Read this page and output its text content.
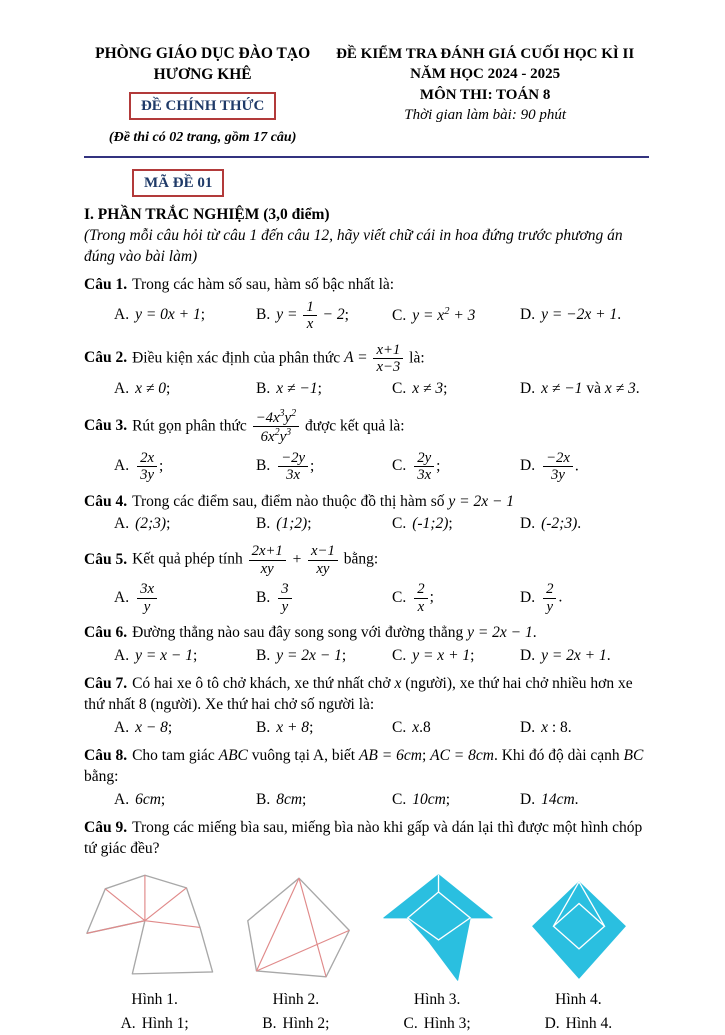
PHÒNG GIÁO DỤC ĐÀO TẠO
HƯƠNG KHÊ
ĐỀ CHÍNH THỨC
(Đề thi có 02 trang, gồm 17 câu)
ĐỀ KIỂM TRA ĐÁNH GIÁ CUỐI HỌC KÌ II
NĂM HỌC 2024 - 2025
MÔN THI: TOÁN 8
Thời gian làm bài: 90 phút
MÃ ĐỀ 01
I. PHẦN TRẮC NGHIỆM (3,0 điểm)
(Trong mỗi câu hỏi từ câu 1 đến câu 12, hãy viết chữ cái in hoa đứng trước phương án đúng vào bài làm)

Câu 1. Trong các hàm số sau, hàm số bậc nhất là:

A. y = 0x + 1;	B. $y = \frac{1}{x} - 2$;	C. $y = x^2 + 3$	D. y = −2x + 1.

Câu 2. Điều kiện xác định của phân thức $A = \frac{x+1}{x-3}$ là:

A. x ≠ 0;	B. x ≠ −1;	C. x ≠ 3;	D. x ≠ −1 và x ≠ 3.

Câu 3. Rút gọn phân thức $\frac{-4x^3y^2}{6x^2y^3}$ được kết quả là:

A. $\frac{2x}{3y}$ ;	B. $\frac{-2y}{3x}$ ;	C. $\frac{2y}{3x}$ ;	D. $\frac{-2x}{3y}$ .

Câu 4. Trong các điểm sau, điểm nào thuộc đồ thị hàm số y = 2x − 1

A. (2;3);	B. (1;2);	C. (-1;2);	D. (-2;3).

Câu 5. Kết quả phép tính $\frac{2x+1}{xy} + \frac{x-1}{xy}$ bằng:

A. $\frac{3x}{y}$	B. $\frac{3}{y}$	C. $\frac{2}{x}$ ;	D. $\frac{2}{y}$ .

Câu 6. Đường thẳng nào sau đây song song với đường thẳng y = 2x − 1.

A. y = x − 1;	B. y = 2x − 1;	C. y = x + 1;	D. y = 2x + 1.

Câu 7. Có hai xe ô tô chở khách, xe thứ nhất chở x (người), xe thứ hai chở nhiều hơn xe thứ nhất 8 (người). Xe thứ hai chở số người là:

A. x − 8;	B. x + 8;	C. x.8	D. x : 8.

Câu 8. Cho tam giác ABC vuông tại A, biết AB = 6cm; AC = 8cm. Khi đó độ dài cạnh BC bằng:

A. 6cm;	B. 8cm;	C. 10cm;	D. 14cm.

Câu 9. Trong các miếng bìa sau, miếng bìa nào khi gấp và dán lại thì được một hình chóp tứ giác đều?

Hình 1.	Hình 2.	Hình 3.	Hình 4.
A. Hình 1;	B. Hình 2;	C. Hình 3;	D. Hình 4.
